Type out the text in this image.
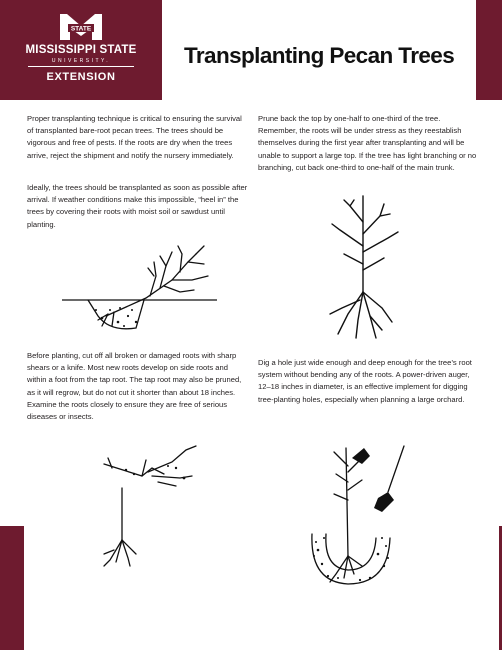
STATE
MISSISSIPPI STATE
UNIVERSITY.
EXTENSION
Transplanting Pecan Trees

Proper transplanting technique is critical to ensuring the survival of transplanted bare-root pecan trees. The trees should be vigorous and free of pests. If the roots are dry when the trees arrive, reject the shipment and notify the nursery immediately.

Ideally, the trees should be transplanted as soon as possible after arrival. If weather conditions make this impossible, “heel in” the trees by covering their roots with moist soil or sawdust until planting.

Prune back the top by one-half to one-third of the tree. Remember, the roots will be under stress as they reestablish themselves during the first year after transplanting and will be unable to support a large top. If the tree has light branching or no branching, cut back one-third to one-half of the main trunk.

Before planting, cut off all broken or damaged roots with sharp shears or a knife. Most new roots develop on side roots and within a foot from the tap root. The tap root may also be pruned, as it will regrow, but do not cut it shorter than about 18 inches. Examine the roots closely to ensure they are free of serious diseases or insects.

Dig a hole just wide enough and deep enough for the tree’s root system without bending any of the roots. A power-driven auger, 12–18 inches in diameter, is an effective implement for digging tree-planting holes, especially when planning a large orchard.
